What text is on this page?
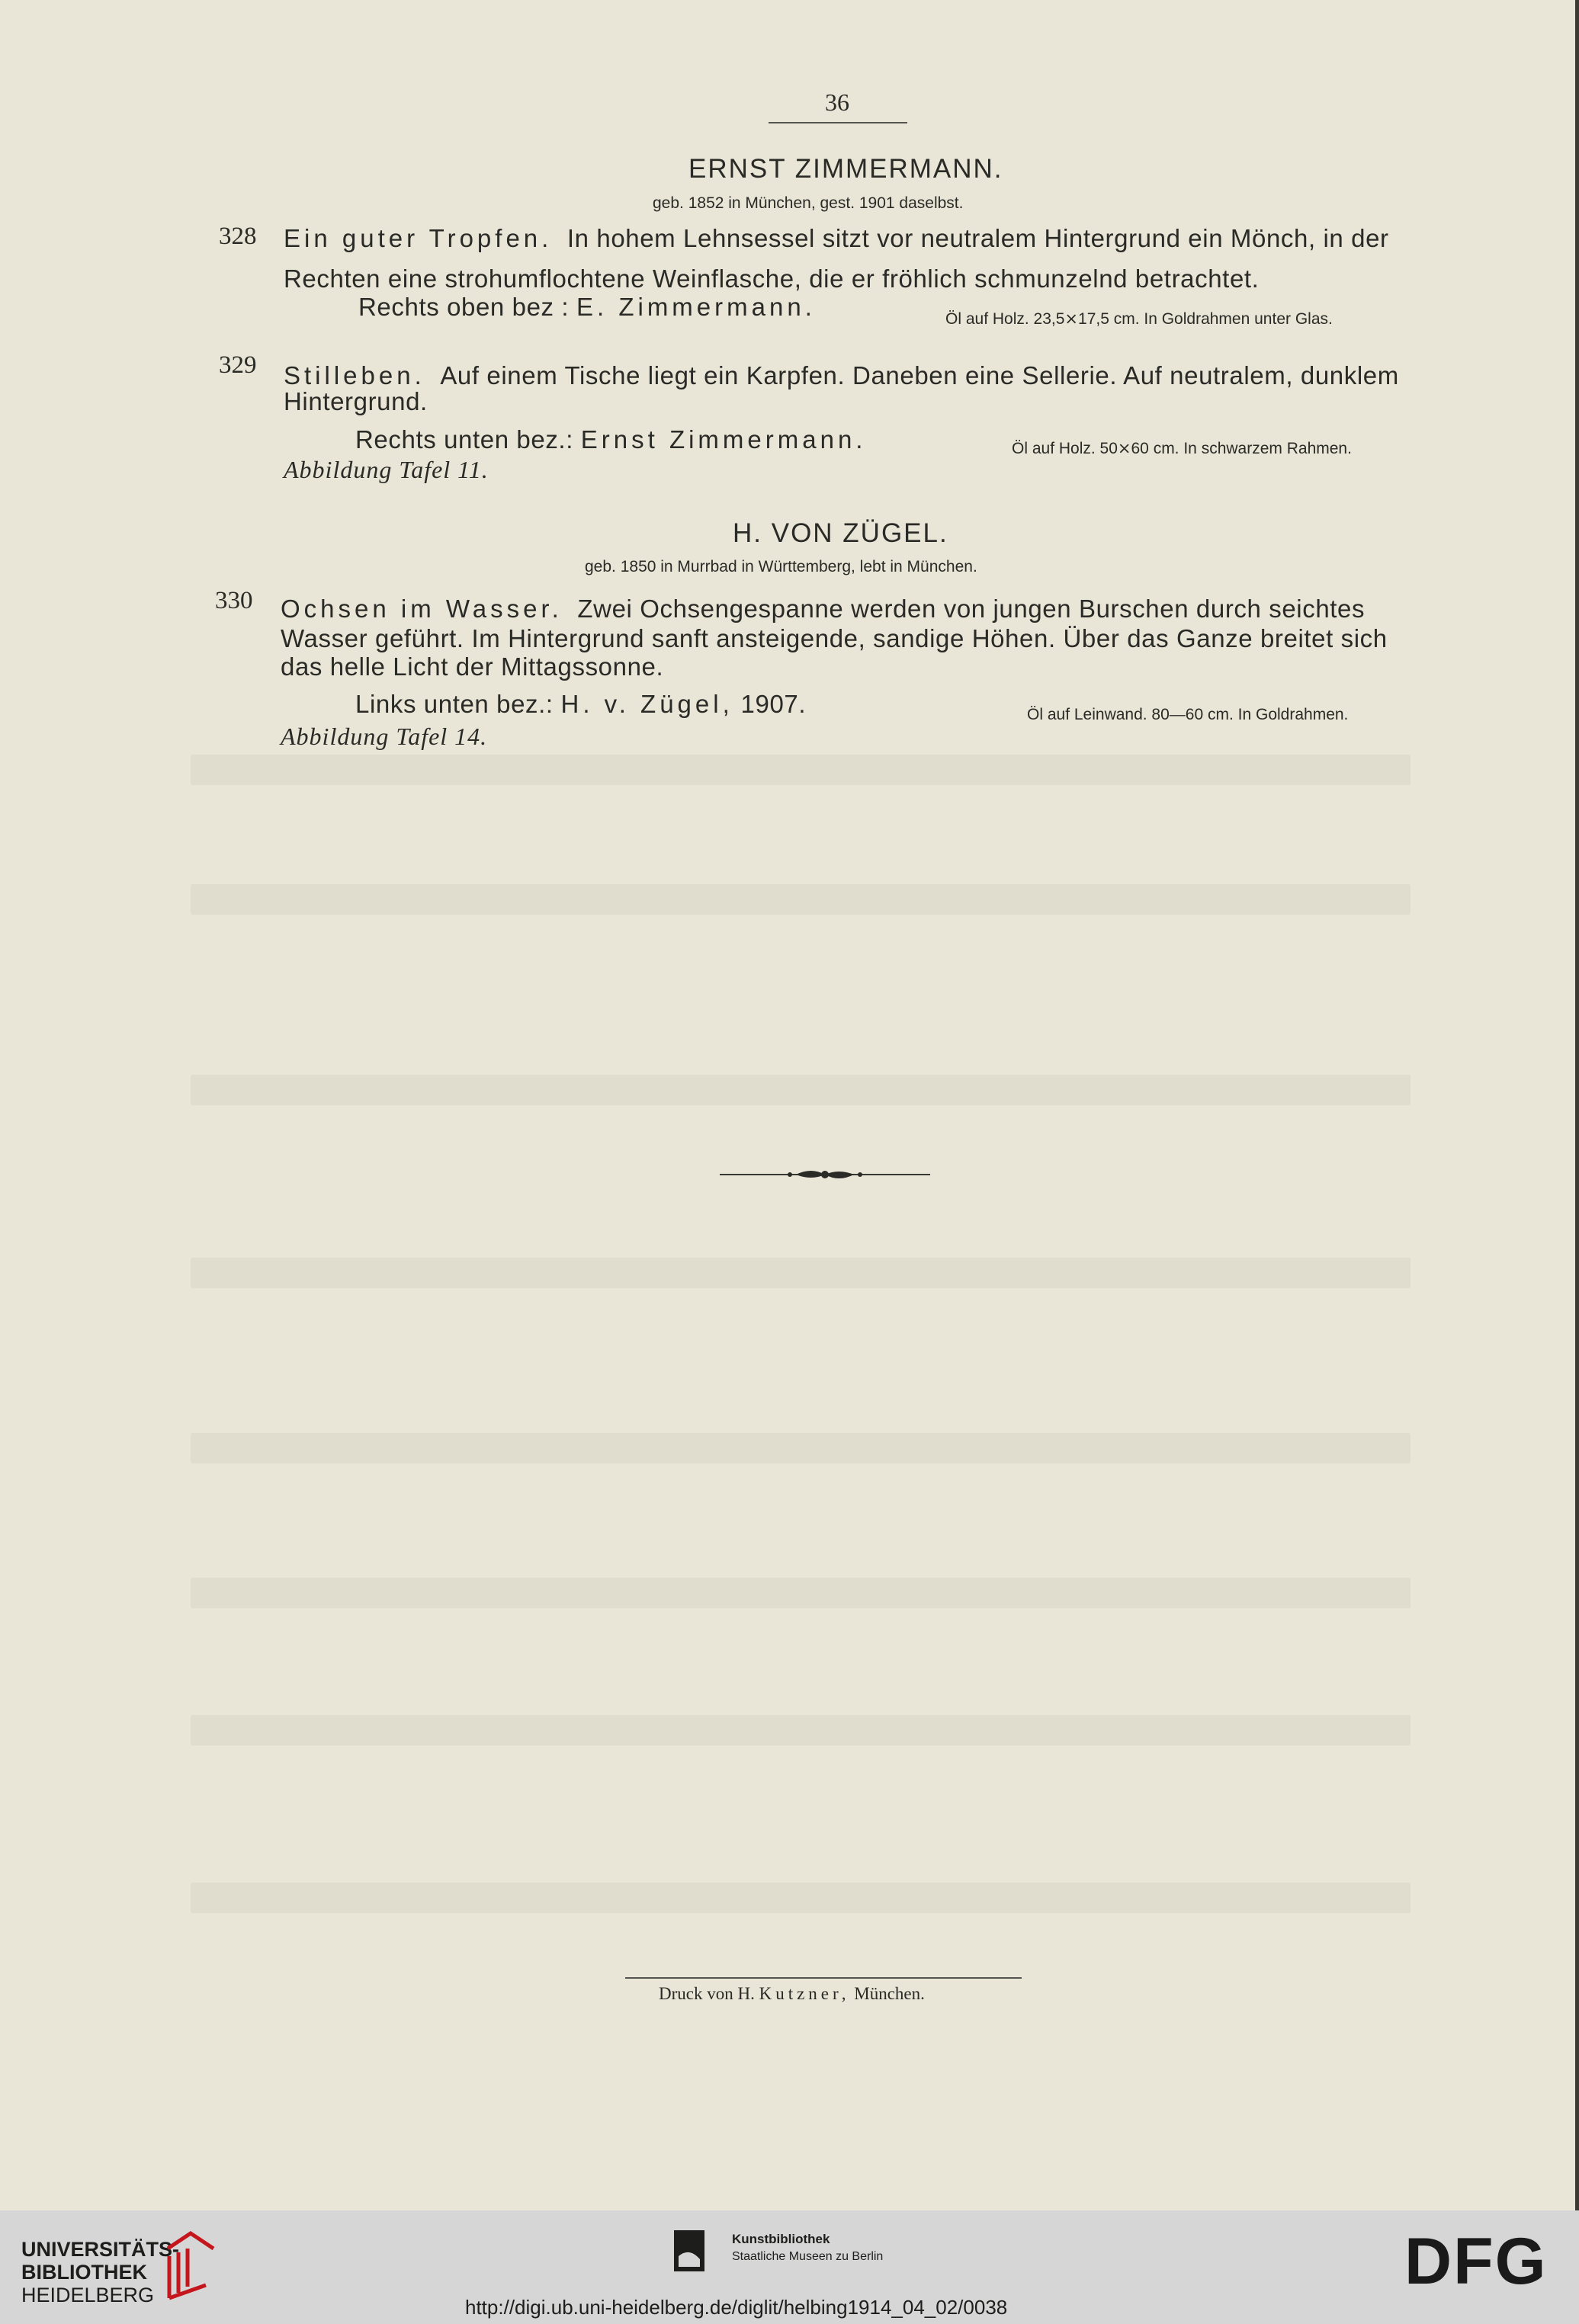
36
ERNST ZIMMERMANN.
geb. 1852 in München, gest. 1901 daselbst.
328 Ein guter Tropfen. In hohem Lehnsessel sitzt vor neutralem Hintergrund ein Mönch, in der
Rechten eine strohumflochtene Weinflasche, die er fröhlich schmunzelnd betrachtet.
Rechts oben bez : E. Zimmermann.	Öl auf Holz. 23,5⨯17,5 cm. In Goldrahmen unter Glas.
329 Stilleben. Auf einem Tische liegt ein Karpfen. Daneben eine Sellerie. Auf neutralem, dunklem
Hintergrund.
Rechts unten bez.: Ernst Zimmermann.	Öl auf Holz. 50⨯60 cm. In schwarzem Rahmen.
Abbildung Tafel 11.
H. VON ZÜGEL.
geb. 1850 in Murrbad in Württemberg, lebt in München.
330 Ochsen im Wasser. Zwei Ochsengespanne werden von jungen Burschen durch seichtes
Wasser geführt. Im Hintergrund sanft ansteigende, sandige Höhen. Über das Ganze breitet sich
das helle Licht der Mittagssonne.
Links unten bez.: H. v. Zügel, 1907.	Öl auf Leinwand. 80—60 cm. In Goldrahmen.
Abbildung Tafel 14.
Druck von H. Kutzner, München.
UNIVERSITÄTS-
BIBLIOTHEK
HEIDELBERG
Kunstbibliothek
Staatliche Museen zu Berlin	DFG
http://digi.ub.uni-heidelberg.de/diglit/helbing1914_04_02/0038
